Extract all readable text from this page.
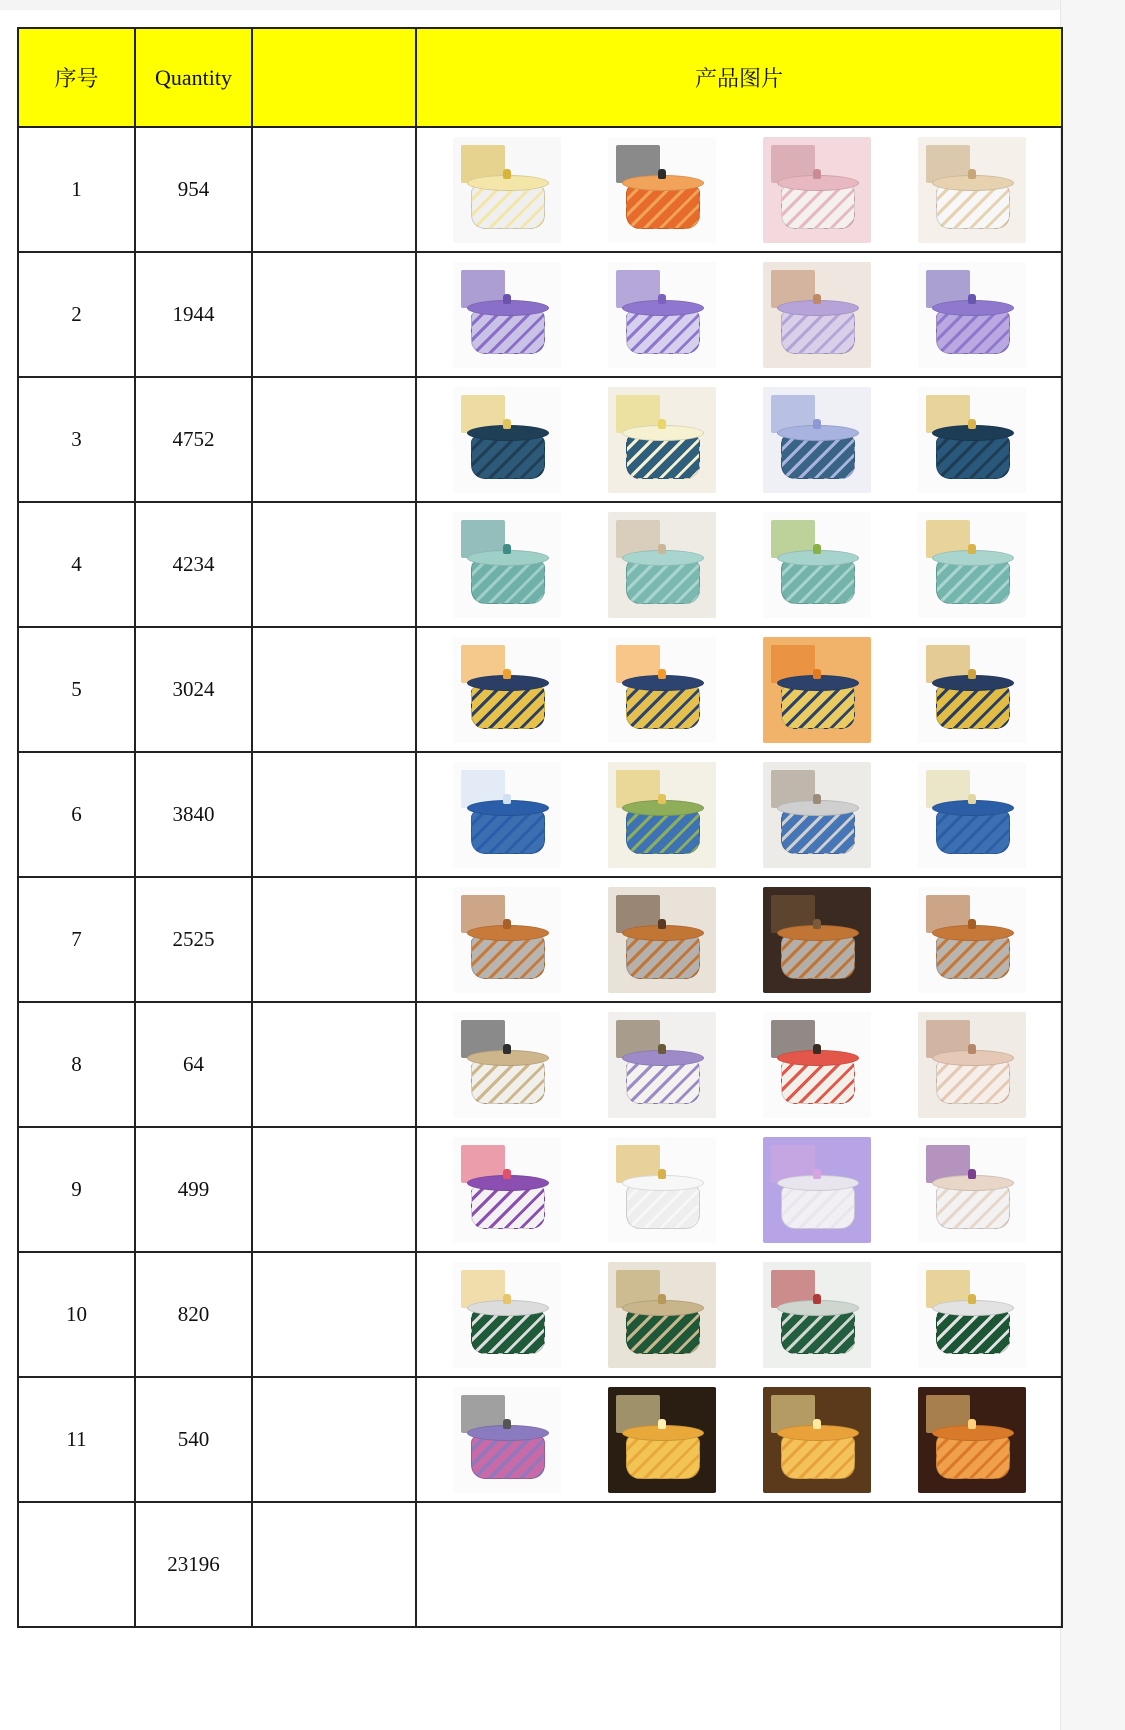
序号	Quantity		产品图片
1	954		

2	1944		

3	4752		

4	4234		

5	3024		

6	3840		

7	2525		

8	64		

9	499		

10	820		

11	540		

	23196		
